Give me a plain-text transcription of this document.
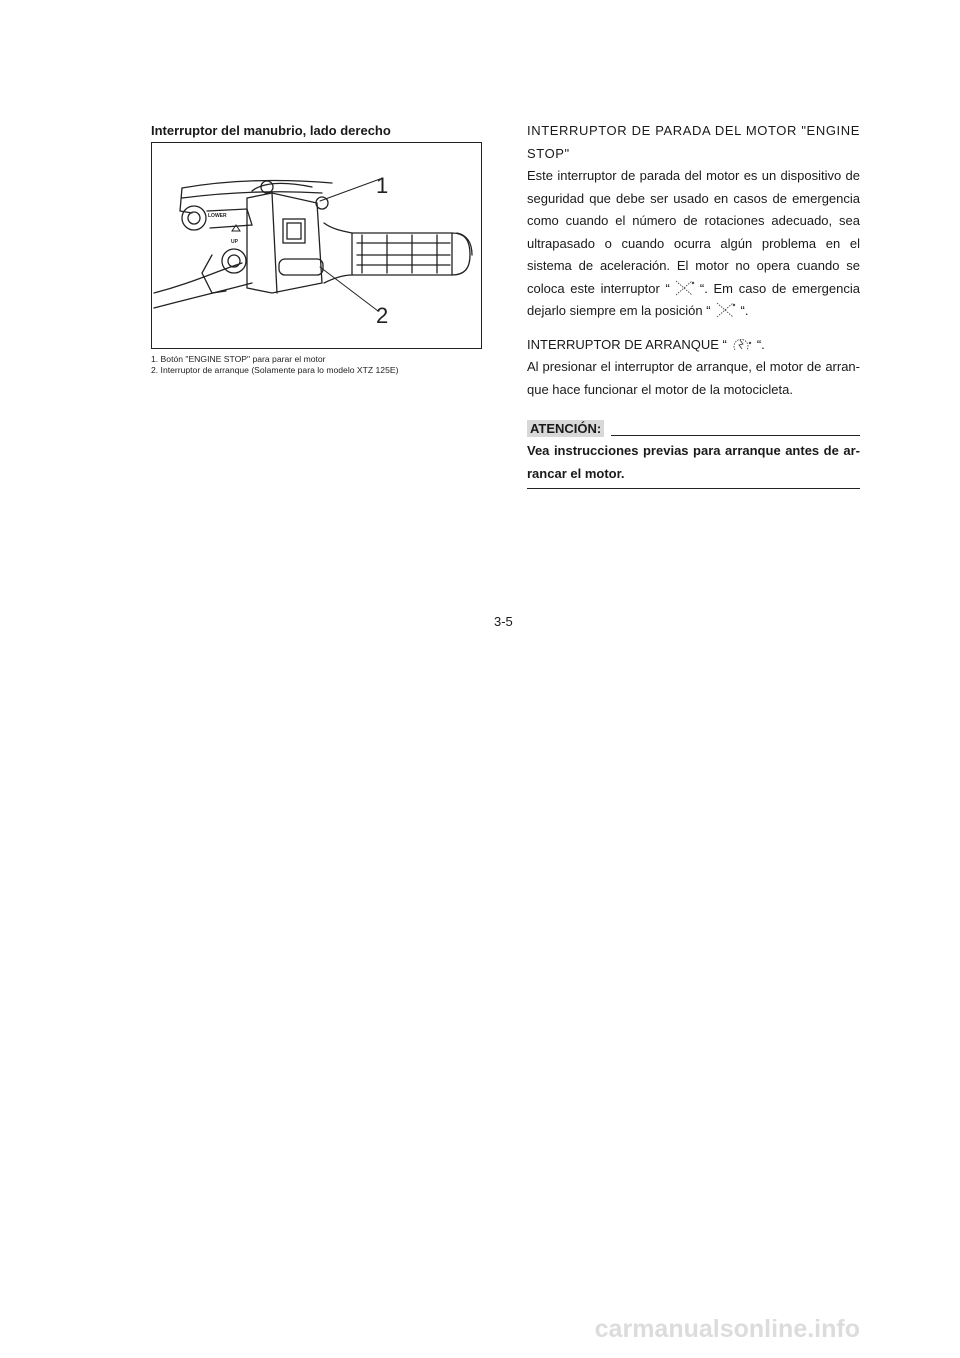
Interruptor del manubrio, lado derecho
1
2
LOWER
UP
1. Botón "ENGINE STOP" para parar el motor
2. Interruptor de arranque (Solamente para lo modelo XTZ 125E)

INTERRUPTOR DE PARADA DEL MOTOR "ENGINE STOP"

Este interruptor de parada del motor es un dispositivo de seguridad que debe ser usado en casos de emergencia como cuando el número de rotaciones adecuado, sea ultrapasado o cuando ocurra algún problema en el sistema de aceleración. El motor no opera cuando se coloca este interruptor “ “. Em caso de emergencia dejarlo siempre em la posición “ “.

INTERRUPTOR DE ARRANQUE “ “.

Al presionar el interruptor de arranque, el motor de arran- que hace funcionar el motor de la motocicleta.

ATENCIÓN:

Vea instrucciones previas para arranque antes de ar- rancar el motor.

3-5
carmanualsonline.info
